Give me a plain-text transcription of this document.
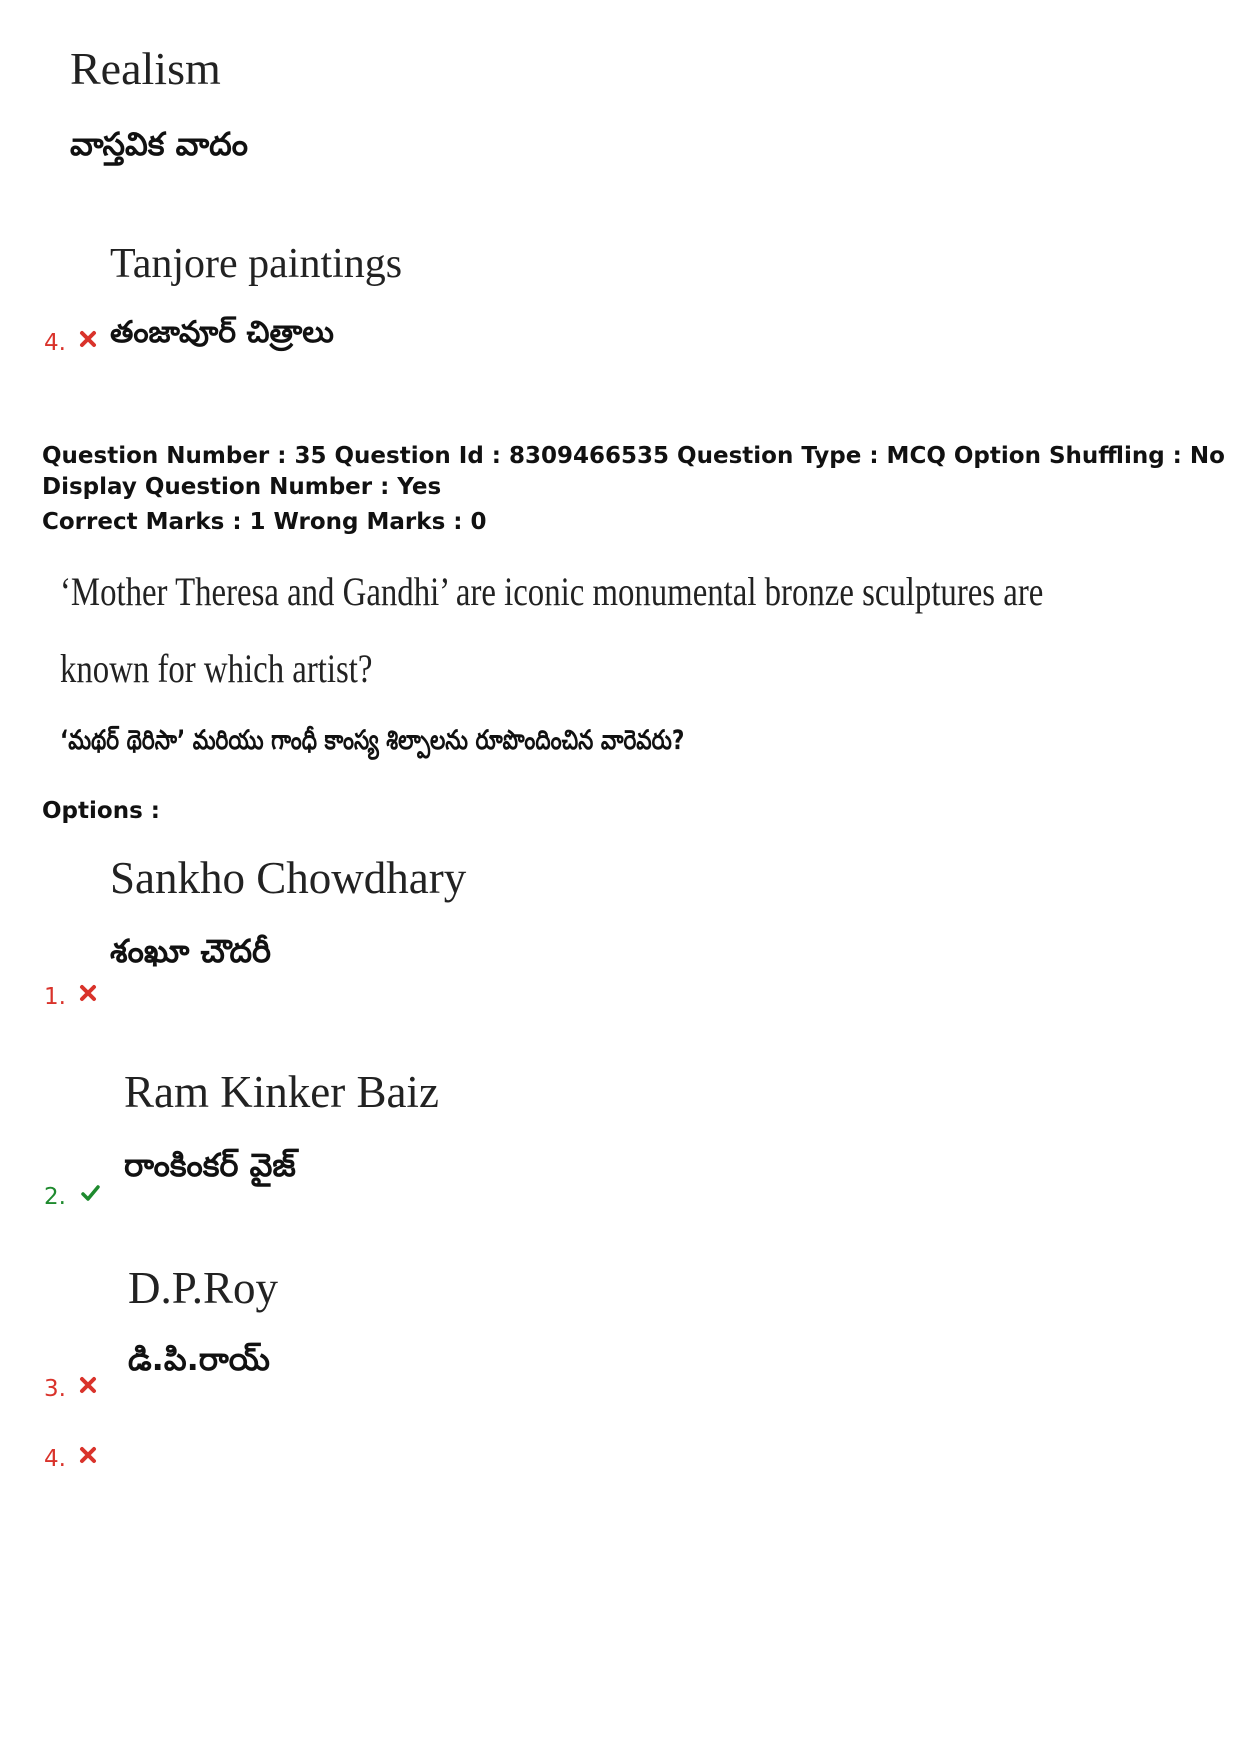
Realism
వాస్తవిక వాదం
Tanjore paintings
తంజావూర్ చిత్రాలు
4.
Question Number : 35 Question Id : 8309466535 Question Type : MCQ Option Shuffling : No
Display Question Number : Yes
Correct Marks : 1 Wrong Marks : 0
‘Mother Theresa and Gandhi’ are iconic monumental bronze sculptures are
known for which artist?
‘మథర్ థెరిసా’ మరియు గాంధీ కాంస్య శిల్పాలను రూపొందించిన వారెవరు?
Options :
Sankho Chowdhary
శంఖూ చౌదరీ
1.
Ram Kinker Baiz
రాంకింకర్ వైజ్
2.
D.P.Roy
డి.పి.రాయ్
3.
4.
